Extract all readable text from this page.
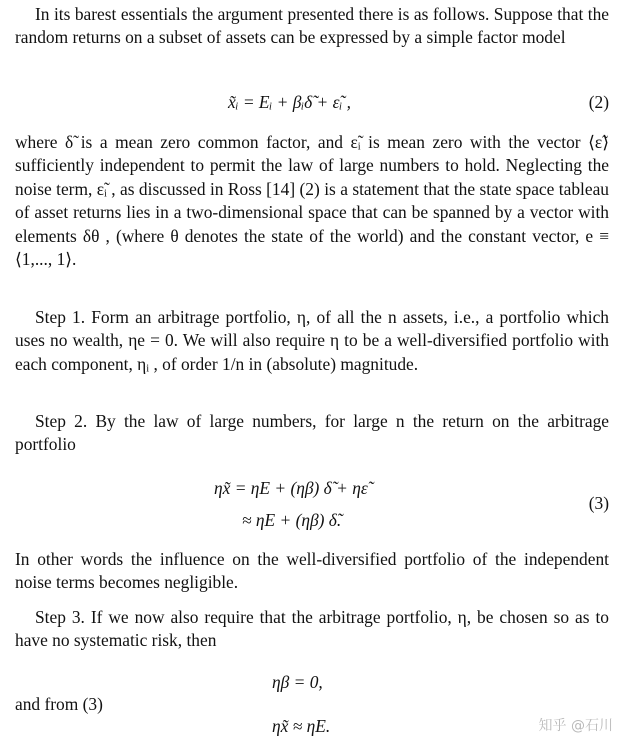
In its barest essentials the argument presented there is as follows. Suppose that the random returns on a subset of assets can be expressed by a simple factor model

x̃ᵢ = Eᵢ + βᵢδ̃ + ε̃ᵢ ,	(2)

where δ̃ is a mean zero common factor, and ε̃ᵢ is mean zero with the vector ⟨ε̃⟩ sufficiently independent to permit the law of large numbers to hold. Neglecting the noise term, ε̃ᵢ , as discussed in Ross [14] (2) is a statement that the state space tableau of asset returns lies in a two-dimensional space that can be spanned by a vector with elements δθ , (where θ denotes the state of the world) and the constant vector, e ≡ ⟨1,..., 1⟩.

Step 1. Form an arbitrage portfolio, η, of all the n assets, i.e., a portfolio which uses no wealth, ηe = 0. We will also require η to be a well-diversified portfolio with each component, ηᵢ , of order 1/n in (absolute) magnitude.

Step 2. By the law of large numbers, for large n the return on the arbitrage portfolio

ηx̃ = ηE + (ηβ) δ̃ + ηε̃
≈ ηE + (ηβ) δ̃.
(3)

In other words the influence on the well-diversified portfolio of the independent noise terms becomes negligible.

Step 3. If we now also require that the arbitrage portfolio, η, be chosen so as to have no systematic risk, then

ηβ = 0,
and from (3)
ηx̃ ≈ ηE.	知乎 @石川
